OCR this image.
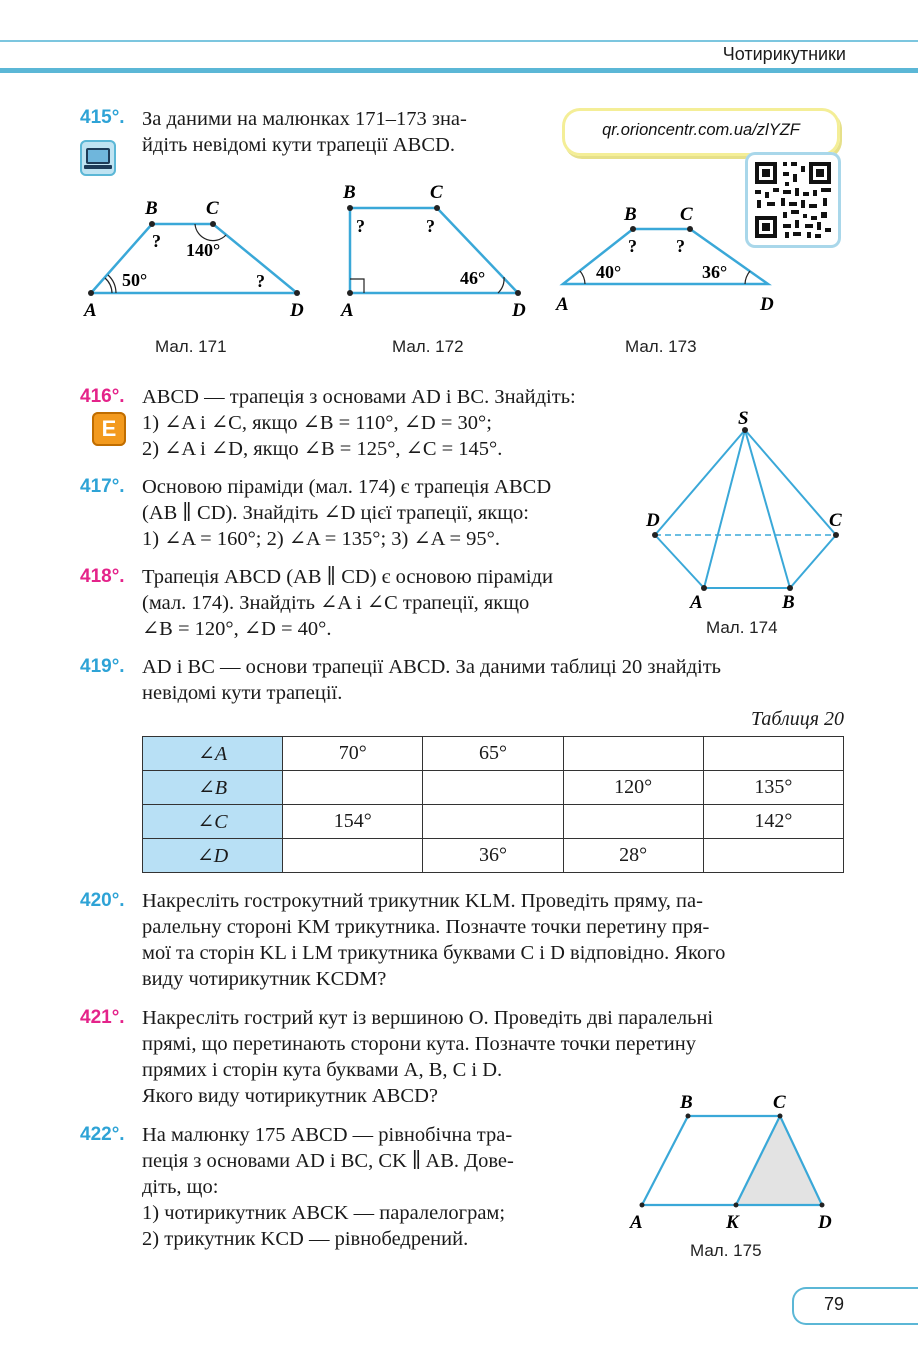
Чотирикутники
qr.orioncentr.com.ua/zlYZF
415°. За даними на малюнках 171–173 зна-
йдіть невідомі кути трапеції ABCD.
A
B	C
D
50°
140°
?
?
A
B	C
D
46°
?	?
A
B C
D
40°	36°
? ?
S
D	C
A	B
B	C
A	K	D
Мал. 171	Мал. 172	Мал. 173
416°.
E
ABCD — трапеція з основами AD і BC. Знайдіть:
1) ∠A і ∠C, якщо ∠B = 110°, ∠D = 30°;
2) ∠A і ∠D, якщо ∠B = 125°, ∠C = 145°.
417°. Основою піраміди (мал. 174) є трапеція ABCD
(AB ∥ CD). Знайдіть ∠D цієї трапеції, якщо:
1) ∠A = 160°; 2) ∠A = 135°; 3) ∠A = 95°.
418°. Трапеція ABCD (AB ∥ CD) є основою піраміди
(мал. 174). Знайдіть ∠A і ∠C трапеції, якщо
∠B = 120°, ∠D = 40°.	Мал. 174
419°. AD і BC — основи трапеції ABCD. За даними таблиці 20 знайдіть
невідомі кути трапеції.
Таблиця 20
∠A	70°	65°		
∠B			120°	135°
∠C	154°			142°
∠D		36°	28°	
420°. Накресліть гострокутний трикутник KLM. Проведіть пряму, па-
ралельну стороні KM трикутника. Позначте точки перетину пря-
мої та сторін KL і LM трикутника буквами C і D відповідно. Якого
виду чотирикутник KCDM?
421°. Накресліть гострий кут із вершиною O. Проведіть дві паралельні
прямі, що перетинають сторони кута. Позначте точки перетину
прямих і сторін кута буквами A, B, C і D.
Якого виду чотирикутник ABCD?
422°. На малюнку 175 ABCD — рівнобічна тра-
пеція з основами AD і BC, CK ∥ AB. Дове-
діть, що:
1) чотирикутник ABCK — паралелограм;
2) трикутник KCD — рівнобедрений.
Мал. 175
79
